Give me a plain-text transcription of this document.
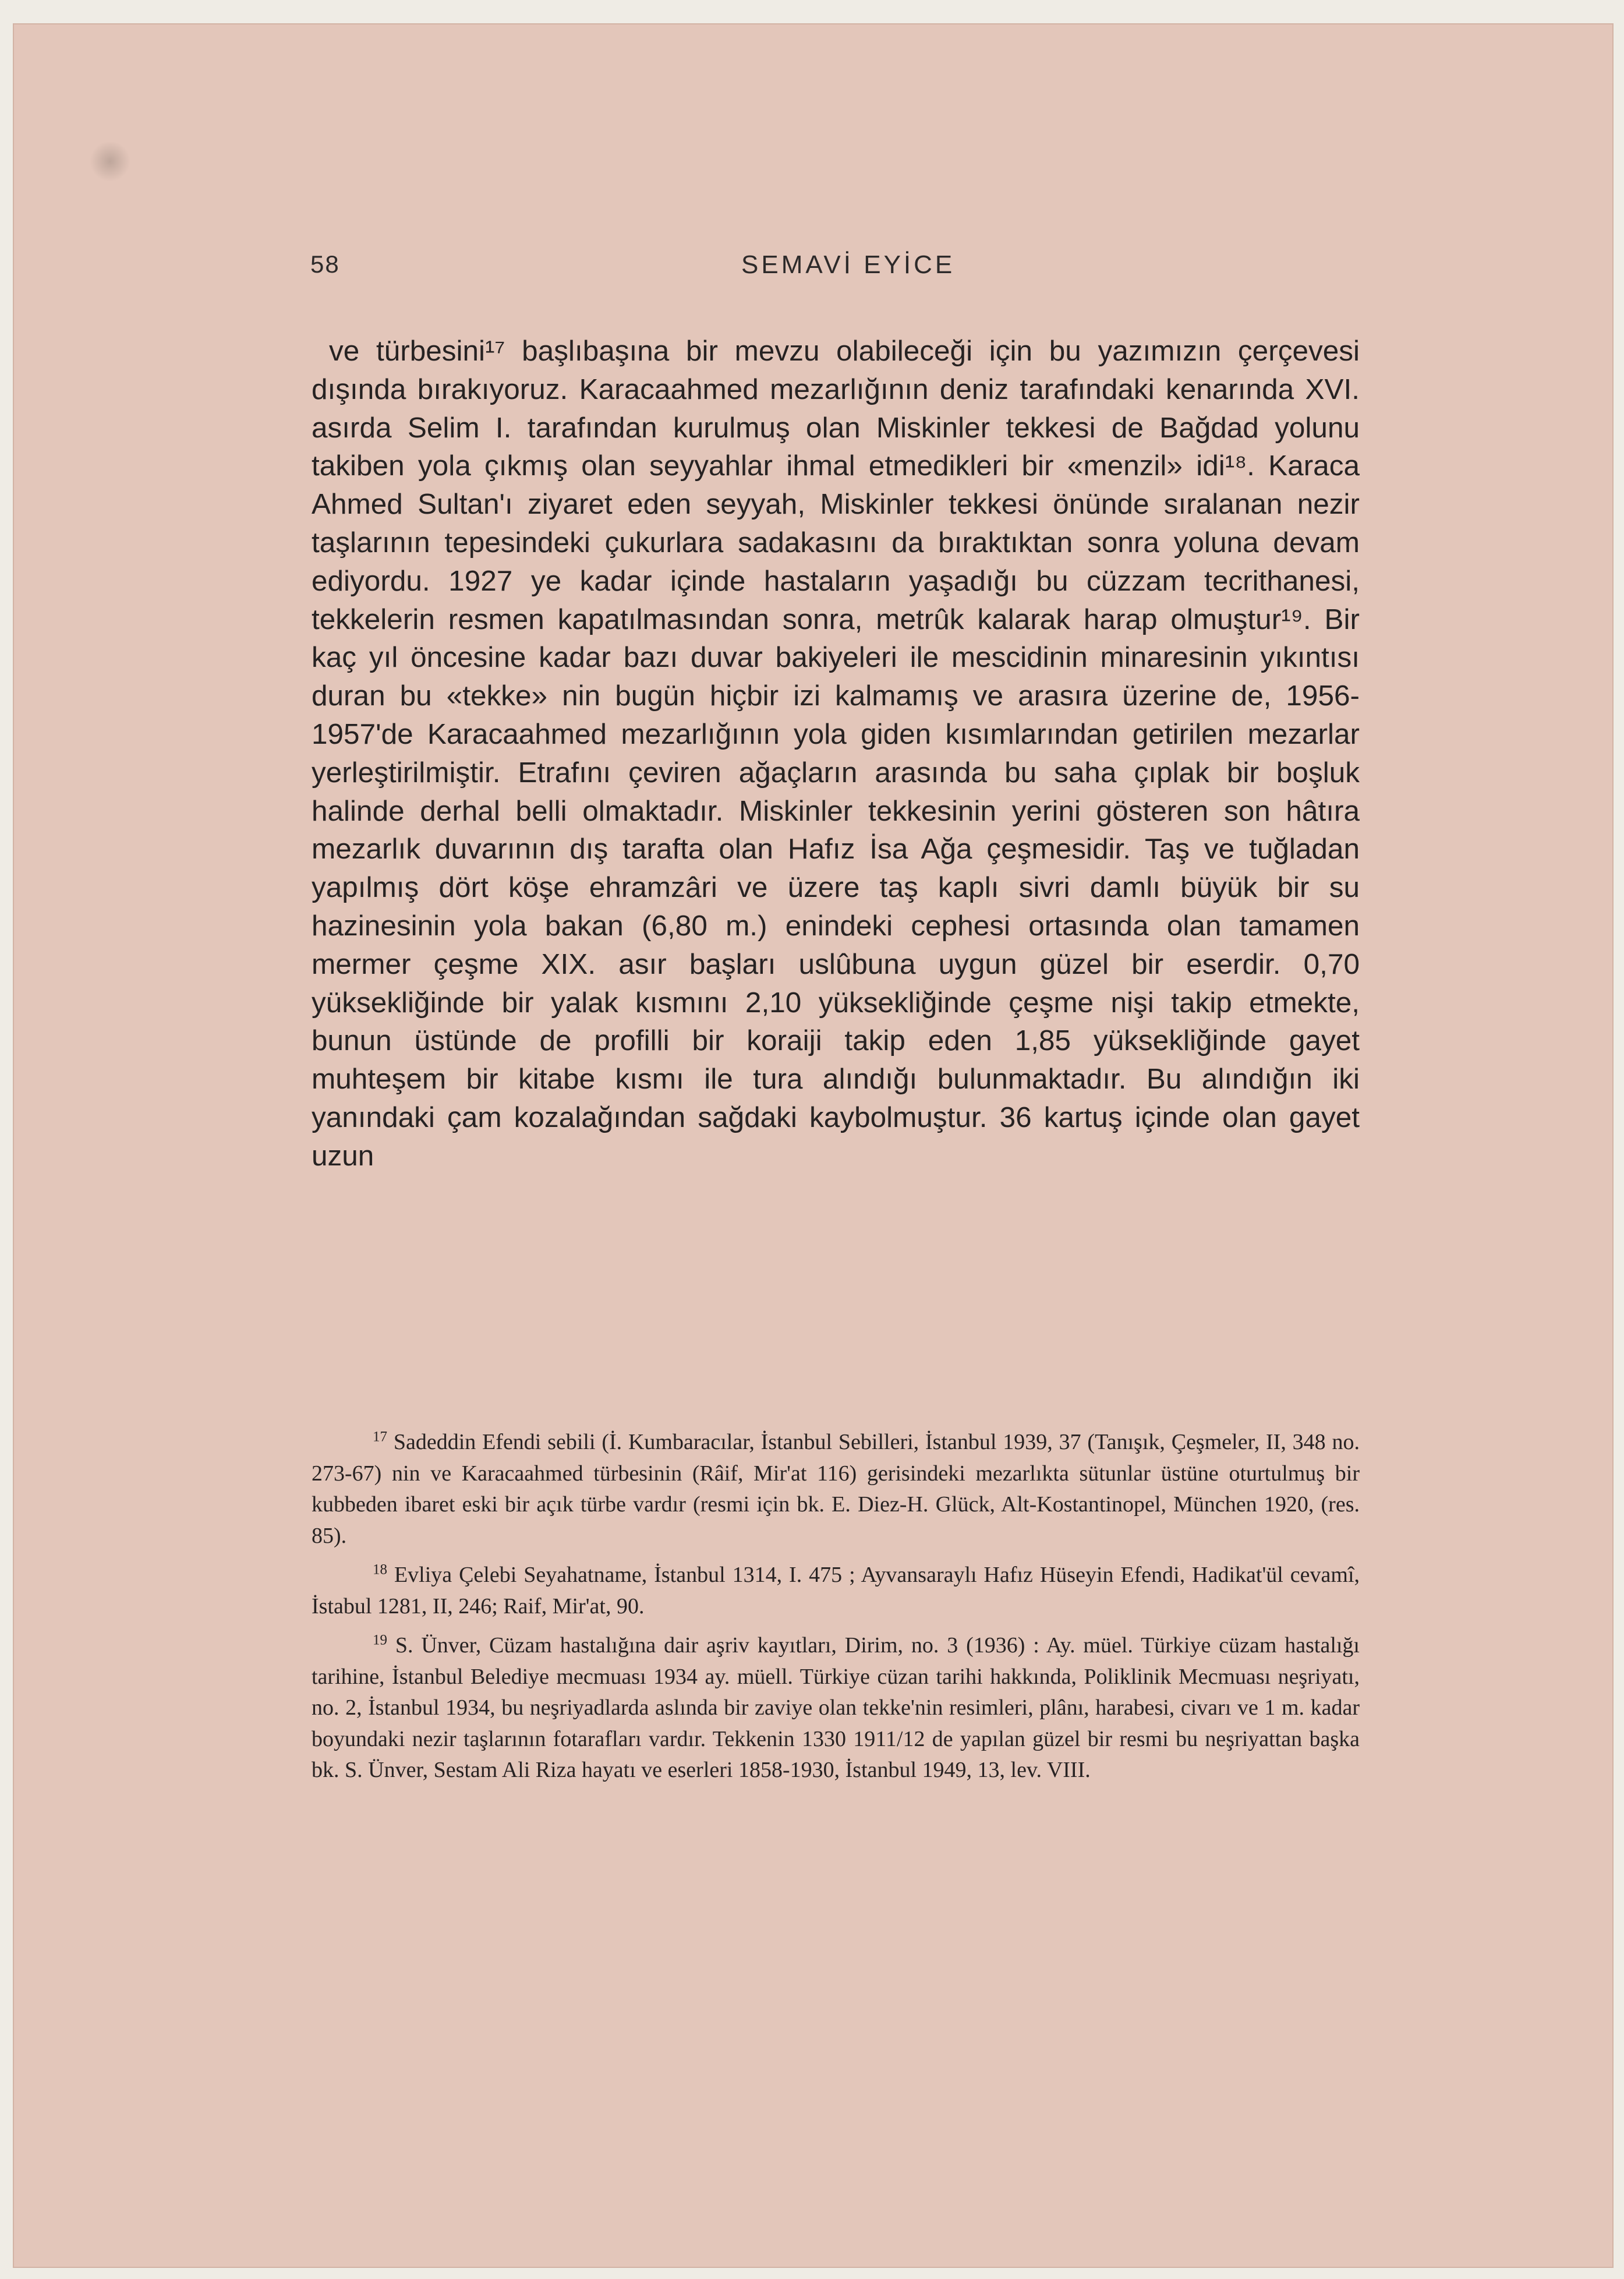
58	SEMAVİ EYİCE

ve türbesini¹⁷ başlıbaşına bir mevzu olabileceği için bu yazımızın çerçevesi dışında bırakıyoruz. Karacaahmed mezarlığının deniz tarafındaki kenarında XVI. asırda Selim I. tarafından kurulmuş olan Miskinler tekkesi de Bağdad yolunu takiben yola çıkmış olan seyyahlar ihmal etmedikleri bir «menzil» idi¹⁸. Karaca Ahmed Sultan'ı ziyaret eden seyyah, Miskinler tekkesi önünde sıralanan nezir taşlarının tepesindeki çukurlara sadakasını da bıraktıktan sonra yoluna devam ediyordu. 1927 ye kadar içinde hastaların yaşadığı bu cüzzam tecrithanesi, tekkelerin resmen kapatılmasından sonra, metrûk kalarak harap olmuştur¹⁹. Bir kaç yıl öncesine kadar bazı duvar bakiyeleri ile mescidinin minaresinin yıkıntısı duran bu «tekke» nin bugün hiçbir izi kalmamış ve arasıra üzerine de, 1956-1957'de Karacaahmed mezarlığının yola giden kısımlarından getirilen mezarlar yerleştirilmiştir. Etrafını çeviren ağaçların arasında bu saha çıplak bir boşluk halinde derhal belli olmaktadır. Miskinler tekkesinin yerini gösteren son hâtıra mezarlık duvarının dış tarafta olan Hafız İsa Ağa çeşmesidir. Taş ve tuğladan yapılmış dört köşe ehramzâri ve üzere taş kaplı sivri damlı büyük bir su hazinesinin yola bakan (6,80 m.) enindeki cephesi ortasında olan tamamen mermer çeşme XIX. asır başları uslûbuna uygun güzel bir eserdir. 0,70 yüksekliğinde bir yalak kısmını 2,10 yüksekliğinde çeşme nişi takip etmekte, bunun üstünde de profilli bir koraiji takip eden 1,85 yüksekliğinde gayet muhteşem bir kitabe kısmı ile tura alındığı bulunmaktadır. Bu alındığın iki yanındaki çam kozalağından sağdaki kaybolmuştur. 36 kartuş içinde olan gayet uzun

$^{17}$ Sadeddin Efendi sebili (İ. Kumbaracılar, İstanbul Sebilleri, İstanbul 1939, 37 (Tanışık, Çeşmeler, II, 348 no. 273-67) nin ve Karacaahmed türbesinin (Râif, Mir'at 116) gerisindeki mezarlıkta sütunlar üstüne oturtulmuş bir kubbeden ibaret eski bir açık türbe vardır (resmi için bk. E. Diez-H. Glück, Alt-Kostantinopel, München 1920, (res. 85).

$^{18}$ Evliya Çelebi Seyahatname, İstanbul 1314, I. 475 ; Ayvansaraylı Hafız Hüseyin Efendi, Hadikat'ül cevamî, İstabul 1281, II, 246; Raif, Mir'at, 90.

$^{19}$ S. Ünver, Cüzam hastalığına dair aşriv kayıtları, Dirim, no. 3 (1936) : Ay. müel. Türkiye cüzam hastalığı tarihine, İstanbul Belediye mecmuası 1934 ay. müell. Türkiye cüzan tarihi hakkında, Poliklinik Mecmuası neşriyatı, no. 2, İstanbul 1934, bu neşriyadlarda aslında bir zaviye olan tekke'nin resimleri, plânı, harabesi, civarı ve 1 m. kadar boyundaki nezir taşlarının fotarafları vardır. Tekkenin 1330 1911/12 de yapılan güzel bir resmi bu neşriyattan başka bk. S. Ünver, Sestam Ali Riza hayatı ve eserleri 1858-1930, İstanbul 1949, 13, lev. VIII.
